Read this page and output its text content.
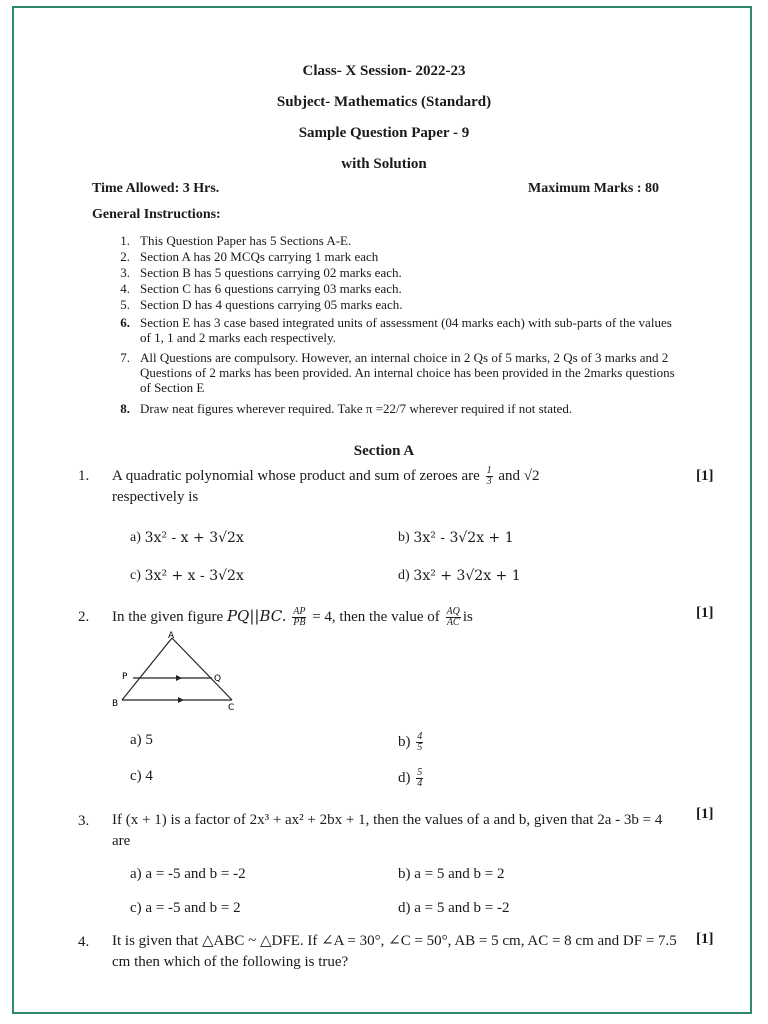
Class- X Session- 2022-23
Subject- Mathematics (Standard)
Sample Question Paper - 9
with Solution
Time Allowed: 3 Hrs.	Maximum Marks : 80
General Instructions:
1. This Question Paper has 5 Sections A-E.
2. Section A has 20 MCQs carrying 1 mark each
3. Section B has 5 questions carrying 02 marks each.
4. Section C has 6 questions carrying 03 marks each.
5. Section D has 4 questions carrying 05 marks each.
6. Section E has 3 case based integrated units of assessment (04 marks each) with sub-parts of the values of 1, 1 and 2 marks each respectively.
7. All Questions are compulsory. However, an internal choice in 2 Qs of 5 marks, 2 Qs of 3 marks and 2 Questions of 2 marks has been provided. An internal choice has been provided in the 2marks questions of Section E
8. Draw neat figures wherever required. Take π =22/7 wherever required if not stated.
Section A
1. A quadratic polynomial whose product and sum of zeroes are $\frac{1}{3}$ and √2
respectively is
[1]
a) 3x² - x + 3√2x	b) 3x² - 3√2x + 1
c) 3x² + x - 3√2x	d) 3x² + 3√2x + 1
2. In the given figure PQ||BC. $\frac{AP}{PB} = 4$, then the value of $\frac{AQ}{AC}$ is	[1]
A
P	Q
B	C
a) 5	$b) \frac{4}{5}$
c) 4	$d) \frac{5}{4}$
3. If (x + 1) is a factor of 2x³ + ax² + 2bx + 1, then the values of a and b, given that 2a - 3b = 4 are
[1]
a) a = -5 and b = -2	b) a = 5 and b = 2
c) a = -5 and b = 2	d) a = 5 and b = -2
4. It is given that △ABC ~ △DFE. If ∠A = 30°, ∠C = 50°, AB = 5 cm, AC = 8 cm and DF = 7.5 cm then which of the following is true?
[1]
